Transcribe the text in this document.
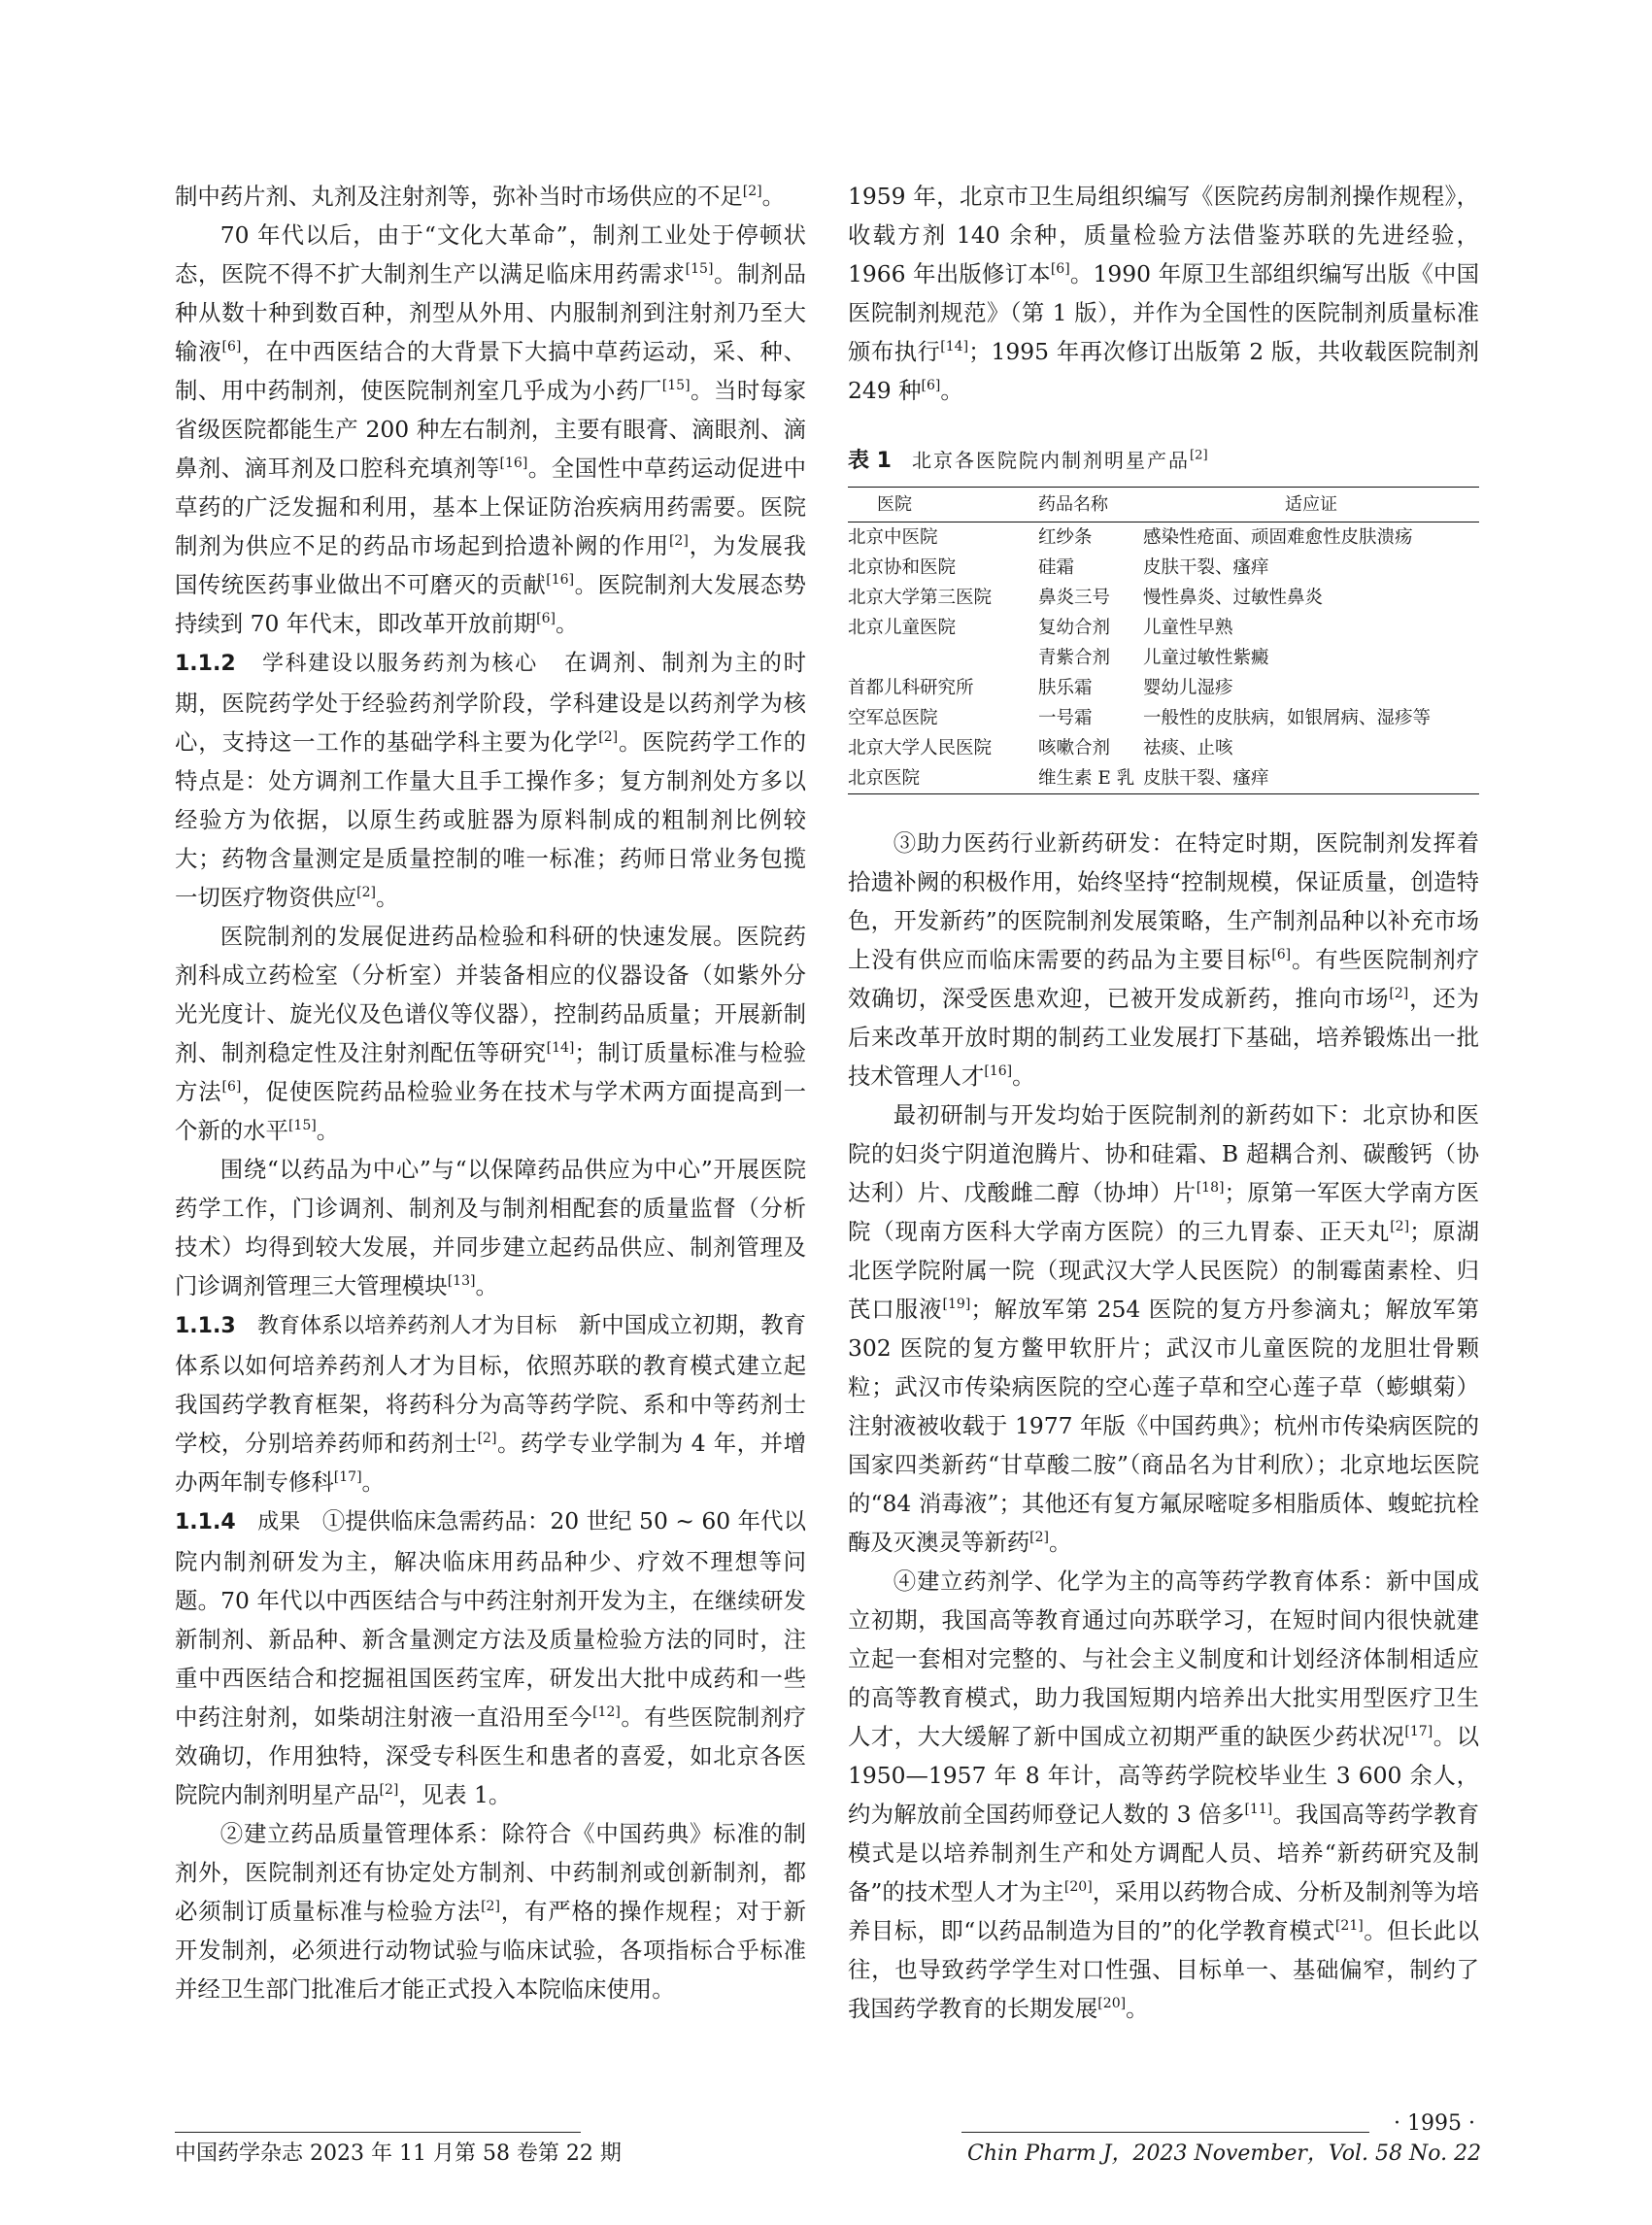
制中药片剂、丸剂及注射剂等，弥补当时市场供应的不足[2]。

70 年代以后，由于“文化大革命”，制剂工业处于停顿状态，医院不得不扩大制剂生产以满足临床用药需求[15]。制剂品种从数十种到数百种，剂型从外用、内服制剂到注射剂乃至大输液[6]，在中西医结合的大背景下大搞中草药运动，采、种、制、用中药制剂，使医院制剂室几乎成为小药厂[15]。当时每家省级医院都能生产 200 种左右制剂，主要有眼膏、滴眼剂、滴鼻剂、滴耳剂及口腔科充填剂等[16]。全国性中草药运动促进中草药的广泛发掘和利用，基本上保证防治疾病用药需要。医院制剂为供应不足的药品市场起到拾遗补阙的作用[2]，为发展我国传统医药事业做出不可磨灭的贡献[16]。医院制剂大发展态势持续到 70 年代末，即改革开放前期[6]。

1.1.2 学科建设以服务药剂为核心 在调剂、制剂为主的时期，医院药学处于经验药剂学阶段，学科建设是以药剂学为核心，支持这一工作的基础学科主要为化学[2]。医院药学工作的特点是：处方调剂工作量大且手工操作多；复方制剂处方多以经验方为依据，以原生药或脏器为原料制成的粗制剂比例较大；药物含量测定是质量控制的唯一标准；药师日常业务包揽一切医疗物资供应[2]。

医院制剂的发展促进药品检验和科研的快速发展。医院药剂科成立药检室（分析室）并装备相应的仪器设备（如紫外分光光度计、旋光仪及色谱仪等仪器），控制药品质量；开展新制剂、制剂稳定性及注射剂配伍等研究[14]；制订质量标准与检验方法[6]，促使医院药品检验业务在技术与学术两方面提高到一个新的水平[15]。

围绕“以药品为中心”与“以保障药品供应为中心”开展医院药学工作，门诊调剂、制剂及与制剂相配套的质量监督（分析技术）均得到较大发展，并同步建立起药品供应、制剂管理及门诊调剂管理三大管理模块[13]。

1.1.3 教育体系以培养药剂人才为目标 新中国成立初期，教育体系以如何培养药剂人才为目标，依照苏联的教育模式建立起我国药学教育框架，将药科分为高等药学院、系和中等药剂士学校，分别培养药师和药剂士[2]。药学专业学制为 4 年，并增办两年制专修科[17]。

1.1.4 成果 ①提供临床急需药品：20 世纪 50 ~ 60 年代以院内制剂研发为主，解决临床用药品种少、疗效不理想等问题。70 年代以中西医结合与中药注射剂开发为主，在继续研发新制剂、新品种、新含量测定方法及质量检验方法的同时，注重中西医结合和挖掘祖国医药宝库，研发出大批中成药和一些中药注射剂，如柴胡注射液一直沿用至今[12]。有些医院制剂疗效确切，作用独特，深受专科医生和患者的喜爱，如北京各医院院内制剂明星产品[2]，见表 1。

②建立药品质量管理体系：除符合《中国药典》标准的制剂外，医院制剂还有协定处方制剂、中药制剂或创新制剂，都必须制订质量标准与检验方法[2]，有严格的操作规程；对于新开发制剂，必须进行动物试验与临床试验，各项指标合乎标准并经卫生部门批准后才能正式投入本院临床使用。

1959 年，北京市卫生局组织编写《医院药房制剂操作规程》，收载方剂 140 余种，质量检验方法借鉴苏联的先进经验，1966 年出版修订本[6]。1990 年原卫生部组织编写出版《中国医院制剂规范》（第 1 版），并作为全国性的医院制剂质量标准颁布执行[14]；1995 年再次修订出版第 2 版，共收载医院制剂249 种[6]。

表 1 北京各医院院内制剂明星产品[2]
医院	药品名称	适应证
北京中医院	红纱条	感染性疮面、顽固难愈性皮肤溃疡
北京协和医院	硅霜	皮肤干裂、瘙痒
北京大学第三医院	鼻炎三号	慢性鼻炎、过敏性鼻炎
北京儿童医院	复幼合剂	儿童性早熟
	青紫合剂	儿童过敏性紫癜
首都儿科研究所	肤乐霜	婴幼儿湿疹
空军总医院	一号霜	一般性的皮肤病，如银屑病、湿疹等
北京大学人民医院	咳嗽合剂	祛痰、止咳
北京医院	维生素 E 乳	皮肤干裂、瘙痒

③助力医药行业新药研发：在特定时期，医院制剂发挥着拾遗补阙的积极作用，始终坚持“控制规模，保证质量，创造特色，开发新药”的医院制剂发展策略，生产制剂品种以补充市场上没有供应而临床需要的药品为主要目标[6]。有些医院制剂疗效确切，深受医患欢迎，已被开发成新药，推向市场[2]，还为后来改革开放时期的制药工业发展打下基础，培养锻炼出一批技术管理人才[16]。

最初研制与开发均始于医院制剂的新药如下：北京协和医院的妇炎宁阴道泡腾片、协和硅霜、B 超耦合剂、碳酸钙（协达利）片、戊酸雌二醇（协坤）片[18]；原第一军医大学南方医院（现南方医科大学南方医院）的三九胃泰、正天丸[2]；原湖北医学院附属一院（现武汉大学人民医院）的制霉菌素栓、归芪口服液[19]；解放军第 254 医院的复方丹参滴丸；解放军第 302 医院的复方鳖甲软肝片；武汉市儿童医院的龙胆壮骨颗粒；武汉市传染病医院的空心莲子草和空心莲子草（蟛蜞菊）注射液被收载于 1977 年版《中国药典》；杭州市传染病医院的国家四类新药“甘草酸二胺”（商品名为甘利欣）；北京地坛医院的“84 消毒液”；其他还有复方氟尿嘧啶多相脂质体、蝮蛇抗栓酶及灭澳灵等新药[2]。

④建立药剂学、化学为主的高等药学教育体系：新中国成立初期，我国高等教育通过向苏联学习，在短时间内很快就建立起一套相对完整的、与社会主义制度和计划经济体制相适应的高等教育模式，助力我国短期内培养出大批实用型医疗卫生人才，大大缓解了新中国成立初期严重的缺医少药状况[17]。以 1950—1957 年 8 年计，高等药学院校毕业生 3 600 余人，约为解放前全国药师登记人数的 3 倍多[11]。我国高等药学教育模式是以培养制剂生产和处方调配人员、培养“新药研究及制备”的技术型人才为主[20]，采用以药物合成、分析及制剂等为培养目标，即“以药品制造为目的”的化学教育模式[21]。但长此以往，也导致药学学生对口性强、目标单一、基础偏窄，制约了我国药学教育的长期发展[20]。

· 1995 ·
中国药学杂志 2023 年 11 月第 58 卷第 22 期	Chin Pharm J，2023 November，Vol. 58 No. 22
